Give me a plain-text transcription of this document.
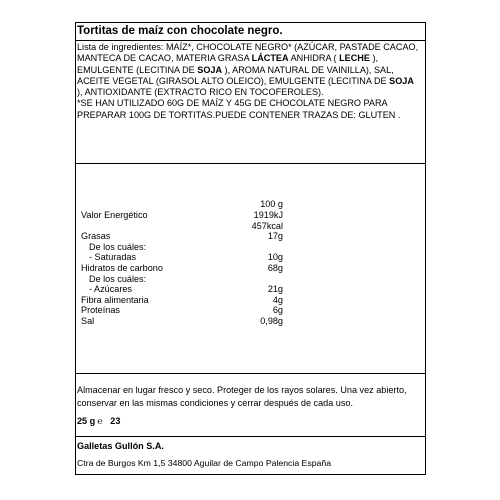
Tortitas de maíz con chocolate negro.
Lista de ingredientes: MAÍZ*, CHOCOLATE NEGRO* (AZÚCAR, PASTADE CACAO, MANTECA DE CACAO, MATERIA GRASA LÁCTEA ANHIDRA ( LECHE ), EMULGENTE (LECITINA DE SOJA ), AROMA NATURAL DE VAINILLA), SAL, ACEITE VEGETAL (GIRASOL ALTO OLEICO), EMULGENTE (LECITINA DE SOJA ), ANTIOXIDANTE (EXTRACTO RICO EN TOCOFEROLES).
*SE HAN UTILIZADO 60G DE MAÍZ Y 45G DE CHOCOLATE NEGRO PARA PREPARAR 100G DE TORTITAS.PUEDE CONTENER TRAZAS DE: GLUTEN .
100 g
Valor Energético	1919kJ
457kcal
Grasas	17g
De los cuáles:
- Saturadas	10g
Hidratos de carbono	68g
De los cuáles:
- Azúcares	21g
Fibra alimentaria	4g
Proteínas	6g
Sal	0,98g
Almacenar en lugar fresco y seco. Proteger de los rayos solares. Una vez abierto, conservar en las mismas condiciones y cerrar después de cada uso.
25 g ℮ 23
Galletas Gullón S.A.
Ctra de Burgos Km 1,5 34800 Aguilar de Campo Palencia España
